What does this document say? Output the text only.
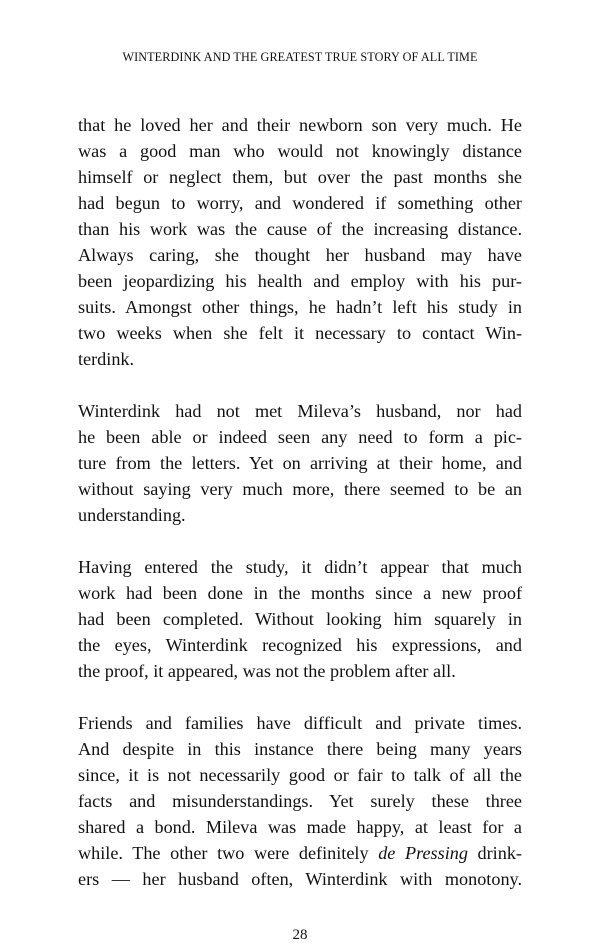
WINTERDINK AND THE GREATEST TRUE STORY OF ALL TIME

that he loved her and their newborn son very much. He
was a good man who would not knowingly distance
himself or neglect them, but over the past months she
had begun to worry, and wondered if something other
than his work was the cause of the increasing distance.
Always caring, she thought her husband may have
been jeopardizing his health and employ with his pur-
suits. Amongst other things, he hadn’t left his study in
two weeks when she felt it necessary to contact Win-
terdink.

Winterdink had not met Mileva’s husband, nor had
he been able or indeed seen any need to form a pic-
ture from the letters. Yet on arriving at their home, and
without saying very much more, there seemed to be an
understanding.

Having entered the study, it didn’t appear that much
work had been done in the months since a new proof
had been completed. Without looking him squarely in
the eyes, Winterdink recognized his expressions, and
the proof, it appeared, was not the problem after all.

Friends and families have difficult and private times.
And despite in this instance there being many years
since, it is not necessarily good or fair to talk of all the
facts and misunderstandings. Yet surely these three
shared a bond. Mileva was made happy, at least for a
while. The other two were definitely de Pressing drink-
ers — her husband often, Winterdink with monotony.

28
